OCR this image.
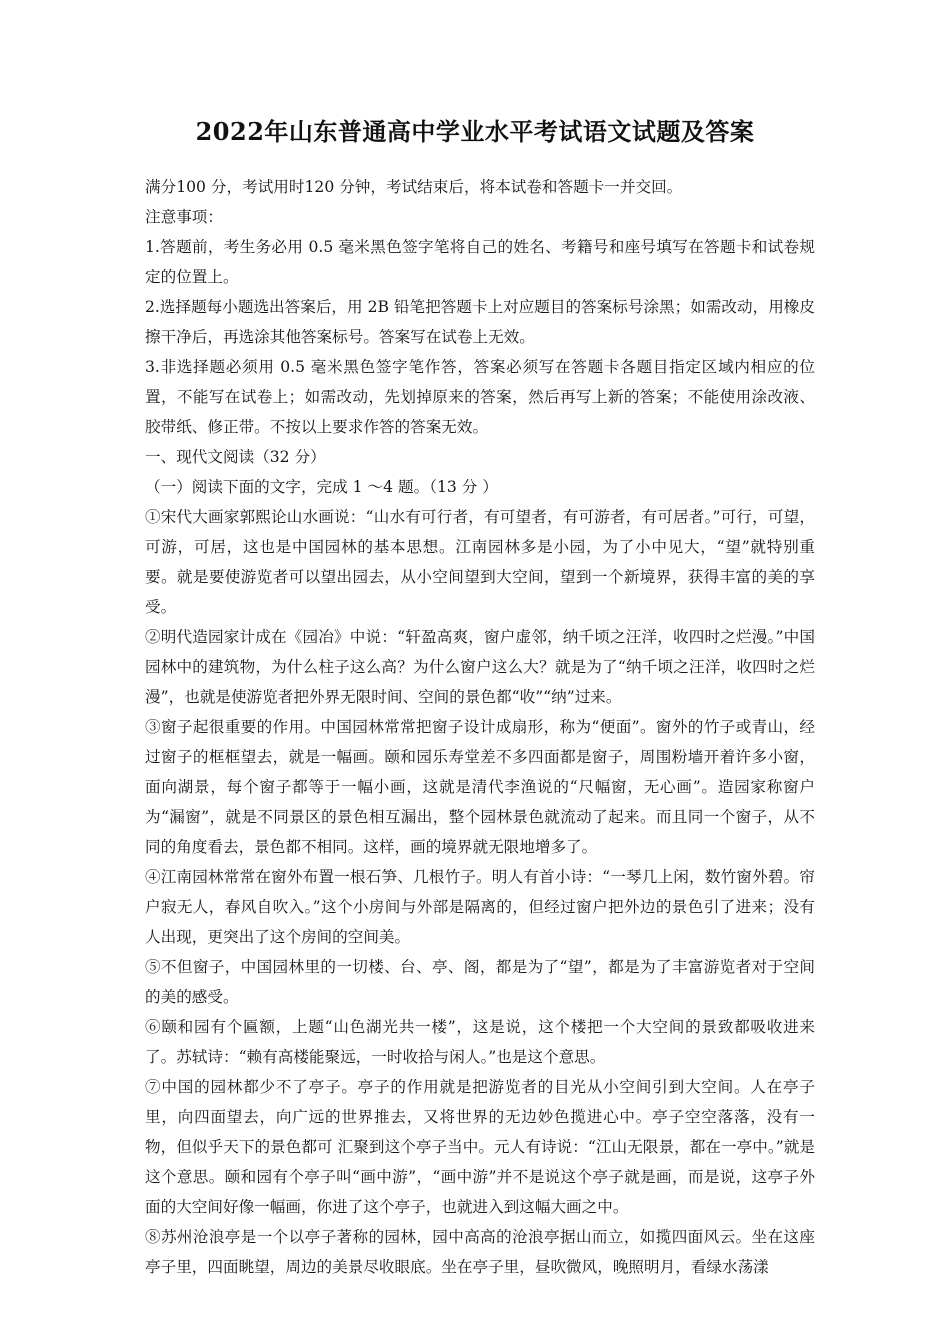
2022年山东普通高中学业水平考试语文试题及答案

满分100 分，考试用时120 分钟，考试结束后，将本试卷和答题卡一并交回。

注意事项：

1.答题前，考生务必用 0.5 毫米黑色签字笔将自己的姓名、考籍号和座号填写在答题卡和试卷规定的位置上。

2.选择题每小题选出答案后，用 2B 铅笔把答题卡上对应题目的答案标号涂黑；如需改动，用橡皮擦干净后，再选涂其他答案标号。答案写在试卷上无效。

3.非选择题必须用 0.5 毫米黑色签字笔作答，答案必须写在答题卡各题目指定区域内相应的位置，不能写在试卷上；如需改动，先划掉原来的答案，然后再写上新的答案；不能使用涂改液、胶带纸、修正带。不按以上要求作答的答案无效。

一、现代文阅读（32 分）

（一）阅读下面的文字，完成 1 ～4 题。（13 分 ）

①宋代大画家郭熙论山水画说：“山水有可行者，有可望者，有可游者，有可居者。”可行，可望，可游，可居，这也是中国园林的基本思想。江南园林多是小园，为了小中见大，“望”就特别重要。就是要使游览者可以望出园去，从小空间望到大空间，望到一个新境界，获得丰富的美的享受。

②明代造园家计成在《园冶》中说：“轩盈高爽，窗户虚邻，纳千顷之汪洋，收四时之烂漫。”中国园林中的建筑物，为什么柱子这么高？为什么窗户这么大？就是为了“纳千顷之汪洋，收四时之烂漫”，也就是使游览者把外界无限时间、空间的景色都“收”“纳”过来。

③窗子起很重要的作用。中国园林常常把窗子设计成扇形，称为“便面”。窗外的竹子或青山，经过窗子的框框望去，就是一幅画。颐和园乐寿堂差不多四面都是窗子，周围粉墙开着许多小窗，面向湖景，每个窗子都等于一幅小画，这就是清代李渔说的“尺幅窗，无心画”。造园家称窗户为“漏窗”，就是不同景区的景色相互漏出，整个园林景色就流动了起来。而且同一个窗子，从不同的角度看去，景色都不相同。这样，画的境界就无限地增多了。

④江南园林常常在窗外布置一根石笋、几根竹子。明人有首小诗：“一琴几上闲，数竹窗外碧。帘户寂无人，春风自吹入。”这个小房间与外部是隔离的，但经过窗户把外边的景色引了进来；没有人出现，更突出了这个房间的空间美。

⑤不但窗子，中国园林里的一切楼、台、亭、阁，都是为了“望”，都是为了丰富游览者对于空间的美的感受。

⑥颐和园有个匾额，上题“山色湖光共一楼”，这是说，这个楼把一个大空间的景致都吸收进来了。苏轼诗：“赖有高楼能聚远，一时收拾与闲人。”也是这个意思。

⑦中国的园林都少不了亭子。亭子的作用就是把游览者的目光从小空间引到大空间。人在亭子里，向四面望去，向广远的世界推去，又将世界的无边妙色揽进心中。亭子空空落落，没有一物，但似乎天下的景色都可 汇聚到这个亭子当中。元人有诗说：“江山无限景，都在一亭中。”就是这个意思。颐和园有个亭子叫“画中游”，“画中游”并不是说这个亭子就是画，而是说，这亭子外面的大空间好像一幅画，你进了这个亭子，也就进入到这幅大画之中。

⑧苏州沧浪亭是一个以亭子著称的园林，园中高高的沧浪亭据山而立，如揽四面风云。坐在这座亭子里，四面眺望，周边的美景尽收眼底。坐在亭子里，昼吹微风，晚照明月，看绿水荡漾
